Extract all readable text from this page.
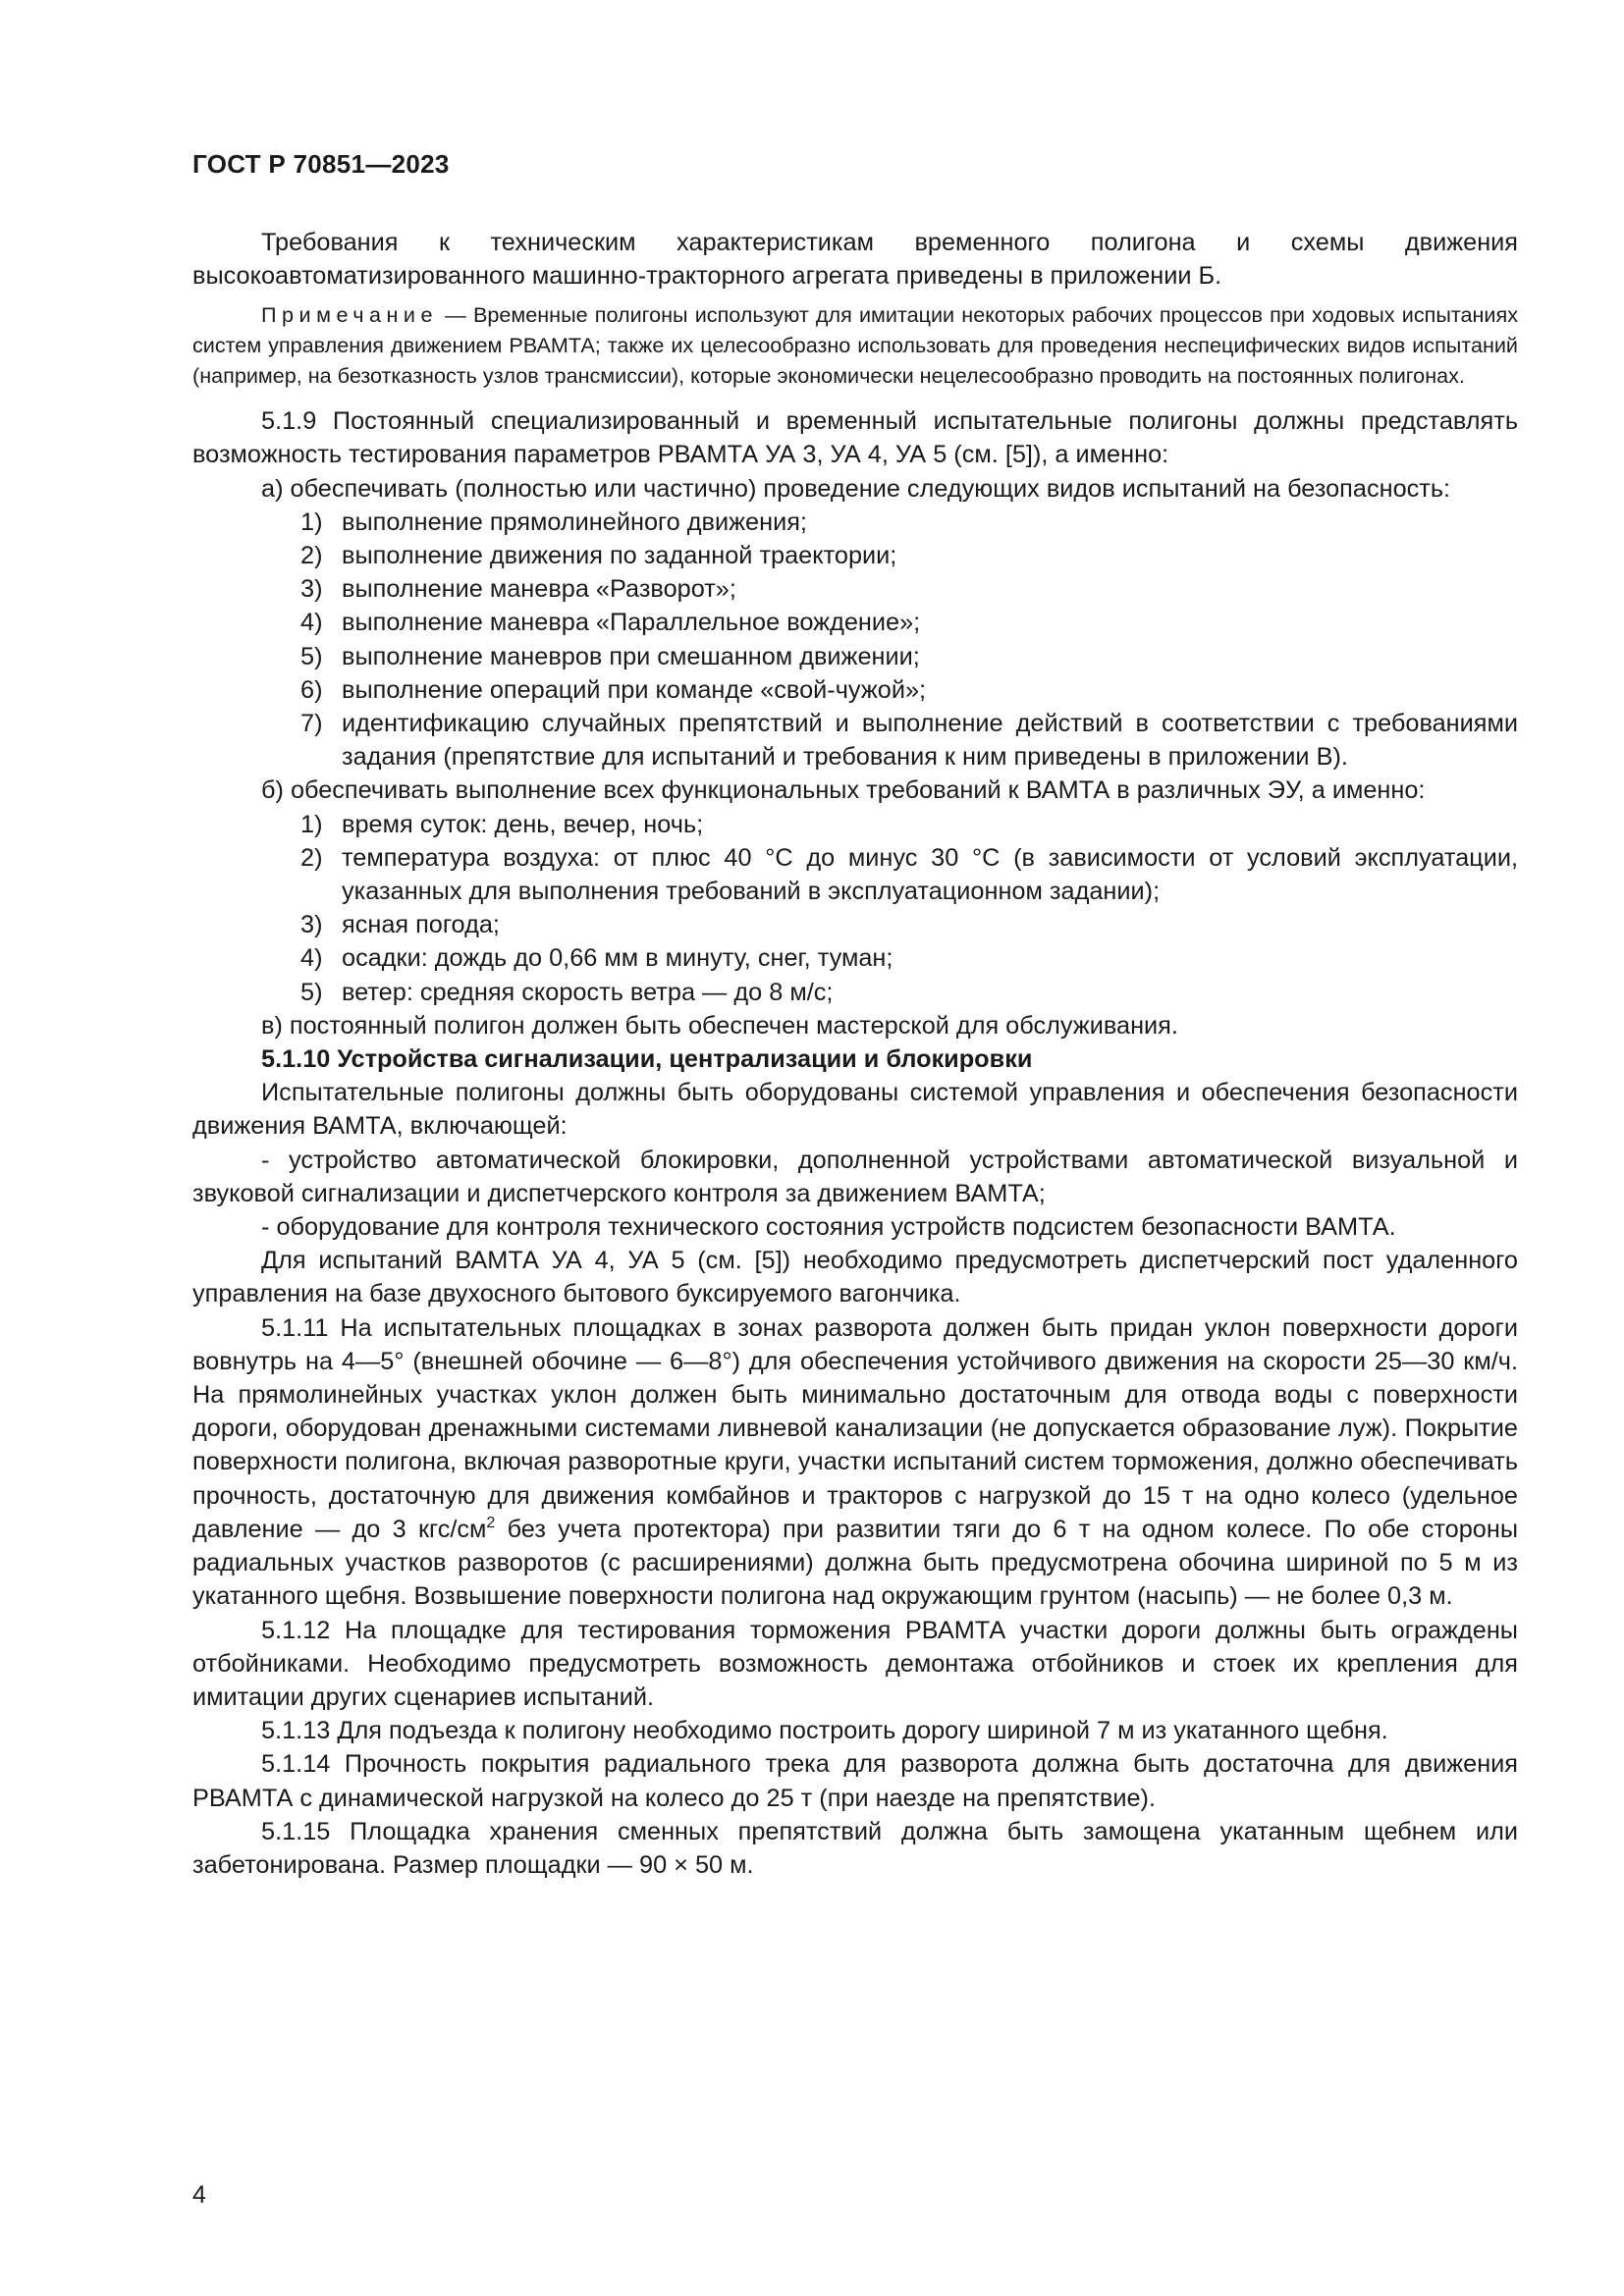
ГОСТ Р 70851—2023

Требования к техническим характеристикам временного полигона и схемы движения высокоавтоматизированного машинно-тракторного агрегата приведены в приложении Б.

Примечание — Временные полигоны используют для имитации некоторых рабочих процессов при ходовых испытаниях систем управления движением РВАМТА; также их целесообразно использовать для проведения неспецифических видов испытаний (например, на безотказность узлов трансмиссии), которые экономически нецелесообразно проводить на постоянных полигонах.

5.1.9 Постоянный специализированный и временный испытательные полигоны должны представлять возможность тестирования параметров РВАМТА УА 3, УА 4, УА 5 (см. [5]), а именно:

а) обеспечивать (полностью или частично) проведение следующих видов испытаний на безопасность:

1) выполнение прямолинейного движения;
2) выполнение движения по заданной траектории;
3) выполнение маневра «Разворот»;
4) выполнение маневра «Параллельное вождение»;
5) выполнение маневров при смешанном движении;
6) выполнение операций при команде «свой-чужой»;
7) идентификацию случайных препятствий и выполнение действий в соответствии с требованиями задания (препятствие для испытаний и требования к ним приведены в приложении В).

б) обеспечивать выполнение всех функциональных требований к ВАМТА в различных ЭУ, а именно:

1) время суток: день, вечер, ночь;
2) температура воздуха: от плюс 40 °С до минус 30 °С (в зависимости от условий эксплуатации, указанных для выполнения требований в эксплуатационном задании);
3) ясная погода;
4) осадки: дождь до 0,66 мм в минуту, снег, туман;
5) ветер: средняя скорость ветра — до 8 м/с;

в) постоянный полигон должен быть обеспечен мастерской для обслуживания.

5.1.10 Устройства сигнализации, централизации и блокировки

Испытательные полигоны должны быть оборудованы системой управления и обеспечения безопасности движения ВАМТА, включающей:

- устройство автоматической блокировки, дополненной устройствами автоматической визуальной и звуковой сигнализации и диспетчерского контроля за движением ВАМТА;

- оборудование для контроля технического состояния устройств подсистем безопасности ВАМТА.

Для испытаний ВАМТА УА 4, УА 5 (см. [5]) необходимо предусмотреть диспетчерский пост удаленного управления на базе двухосного бытового буксируемого вагончика.

5.1.11 На испытательных площадках в зонах разворота должен быть придан уклон поверхности дороги вовнутрь на 4—5° (внешней обочине — 6—8°) для обеспечения устойчивого движения на скорости 25—30 км/ч. На прямолинейных участках уклон должен быть минимально достаточным для отвода воды с поверхности дороги, оборудован дренажными системами ливневой канализации (не допускается образование луж). Покрытие поверхности полигона, включая разворотные круги, участки испытаний систем торможения, должно обеспечивать прочность, достаточную для движения комбайнов и тракторов с нагрузкой до 15 т на одно колесо (удельное давление — до 3 кгс/$см^2$ без учета протектора) при развитии тяги до 6 т на одном колесе. По обе стороны радиальных участков разворотов (с расширениями) должна быть предусмотрена обочина шириной по 5 м из укатанного щебня. Возвышение поверхности полигона над окружающим грунтом (насыпь) — не более 0,3 м.

5.1.12 На площадке для тестирования торможения РВАМТА участки дороги должны быть ограждены отбойниками. Необходимо предусмотреть возможность демонтажа отбойников и стоек их крепления для имитации других сценариев испытаний.

5.1.13 Для подъезда к полигону необходимо построить дорогу шириной 7 м из укатанного щебня.

5.1.14 Прочность покрытия радиального трека для разворота должна быть достаточна для движения РВАМТА с динамической нагрузкой на колесо до 25 т (при наезде на препятствие).

5.1.15 Площадка хранения сменных препятствий должна быть замощена укатанным щебнем или забетонирована. Размер площадки — 90 × 50 м.

4
